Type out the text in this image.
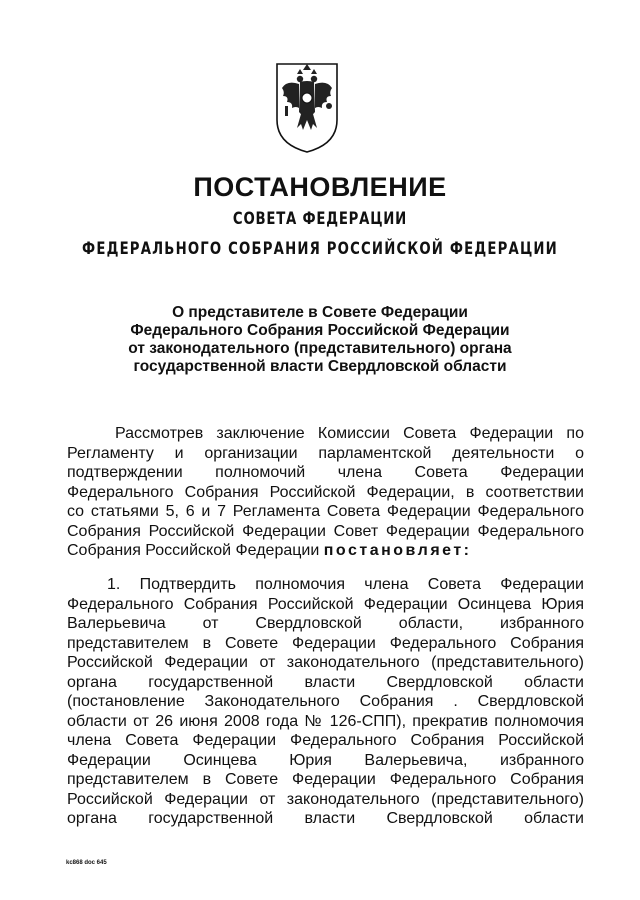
ПОСТАНОВЛЕНИЕ
СОВЕТА ФЕДЕРАЦИИ
ФЕДЕРАЛЬНОГО СОБРАНИЯ РОССИЙСКОЙ ФЕДЕРАЦИИ
О представителе в Совете Федерации
Федерального Собрания Российской Федерации
от законодательного (представительного) органа
государственной власти Свердловской области
Рассмотрев заключение Комиссии Совета Федерации по
Регламенту и организации парламентской деятельности о
подтверждении полномочий члена Совета Федерации
Федерального Собрания Российской Федерации, в соответствии
со статьями 5, 6 и 7 Регламента Совета Федерации Федерального
Собрания Российской Федерации Совет Федерации Федерального
Собрания Российской Федерации постановляет:
1. Подтвердить полномочия члена Совета Федерации
Федерального Собрания Российской Федерации Осинцева Юрия
Валерьевича от Свердловской области, избранного
представителем в Совете Федерации Федерального Собрания
Российской Федерации от законодательного (представительного)
органа государственной власти Свердловской области
(постановление Законодательного Собрания . Свердловской
области от 26 июня 2008 года № 126-СПП), прекратив полномочия
члена Совета Федерации Федерального Собрания Российской
Федерации Осинцева Юрия Валерьевича, избранного
представителем в Совете Федерации Федерального Собрания
Российской Федерации от законодательного (представительного)
органа государственной власти Свердловской области
kc868 doc 645
